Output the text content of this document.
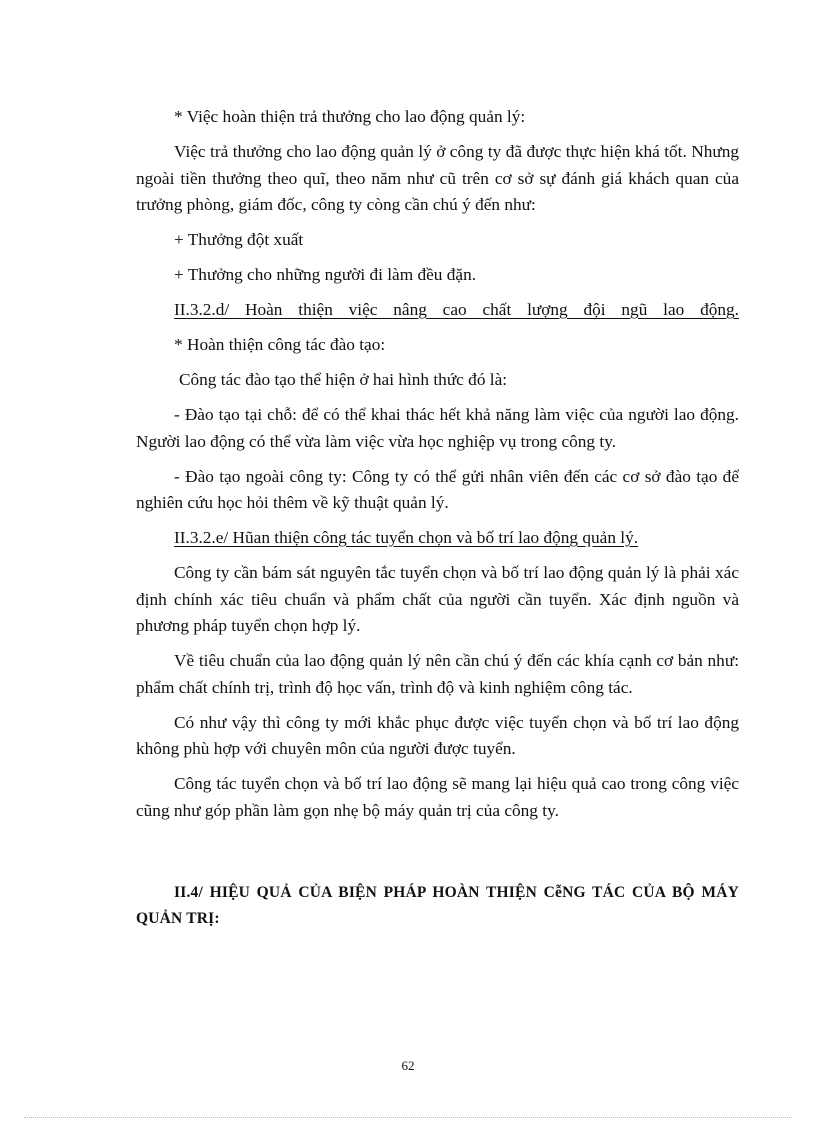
* Việc hoàn thiện trả thưởng cho lao động quản lý:

Việc trả thưởng cho lao động quản lý ở công ty đã được thực hiện khá tốt. Nhưng ngoài tiền thưởng theo quĩ, theo năm như cũ trên cơ sở sự đánh giá khách quan của trưởng phòng, giám đốc, công ty còng cần chú ý đến như:

+ Thưởng đột xuất

+ Thưởng cho những người đi làm đều đặn.

II.3.2.d/ Hoàn thiện việc nâng cao chất lượng đội ngũ lao động.

* Hoàn thiện công tác đào tạo:

Công tác đào tạo thể hiện ở hai hình thức đó là:

- Đào tạo tại chỗ: để có thể khai thác hết khả năng làm việc của người lao động. Người lao động có thể vừa làm việc vừa học nghiệp vụ trong công ty.

- Đào tạo ngoài công ty: Công ty có thể gửi nhân viên đến các cơ sở đào tạo để nghiên cứu học hỏi thêm về kỹ thuật quản lý.

II.3.2.e/ Hũan thiện công tác tuyển chọn và bố trí lao động quản lý.

Công ty cần bám sát nguyên tắc tuyển chọn và bố trí lao động quản lý là phải xác định chính xác tiêu chuẩn và phẩm chất của người cần tuyển. Xác định nguồn và phương pháp tuyển chọn hợp lý.

Về tiêu chuẩn của lao động quản lý nên cần chú ý đến các khía cạnh cơ bản như: phẩm chất chính trị, trình độ học vấn, trình độ và kinh nghiệm công tác.

Có như vậy thì công ty mới khắc phục được việc tuyển chọn và bố trí lao động không phù hợp với chuyên môn của người được tuyển.

Công tác tuyển chọn và bố trí lao động sẽ mang lại hiệu quả cao trong công việc cũng như góp phần làm gọn nhẹ bộ máy quản trị của công ty.

II.4/ HIỆU QUẢ CỦA BIỆN PHÁP HOÀN THIỆN CễNG TÁC CỦA BỘ MÁY QUẢN TRỊ:
62
